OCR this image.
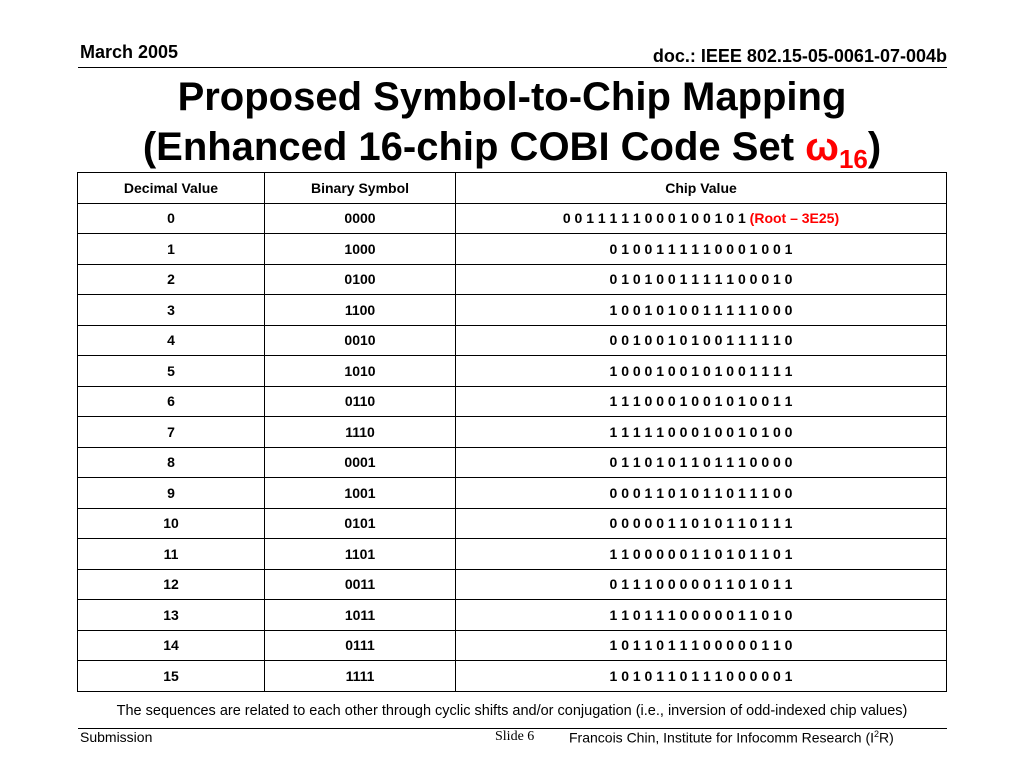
March 2005	doc.: IEEE 802.15-05-0061-07-004b
Proposed Symbol-to-Chip Mapping
(Enhanced 16-chip COBI Code Set $\omega_{16}$)
Decimal Value	Binary Symbol	Chip Value
0	0000	0 0 1 1 1 1 1 0 0 0 1 0 0 1 0 1 (Root – 3E25)
1	1000	0 1 0 0 1 1 1 1 1 0 0 0 1 0 0 1
2	0100	0 1 0 1 0 0 1 1 1 1 1 0 0 0 1 0
3	1100	1 0 0 1 0 1 0 0 1 1 1 1 1 0 0 0
4	0010	0 0 1 0 0 1 0 1 0 0 1 1 1 1 1 0
5	1010	1 0 0 0 1 0 0 1 0 1 0 0 1 1 1 1
6	0110	1 1 1 0 0 0 1 0 0 1 0 1 0 0 1 1
7	1110	1 1 1 1 1 0 0 0 1 0 0 1 0 1 0 0
8	0001	0 1 1 0 1 0 1 1 0 1 1 1 0 0 0 0
9	1001	0 0 0 1 1 0 1 0 1 1 0 1 1 1 0 0
10	0101	0 0 0 0 0 1 1 0 1 0 1 1 0 1 1 1
11	1101	1 1 0 0 0 0 0 1 1 0 1 0 1 1 0 1
12	0011	0 1 1 1 0 0 0 0 0 1 1 0 1 0 1 1
13	1011	1 1 0 1 1 1 0 0 0 0 0 1 1 0 1 0
14	0111	1 0 1 1 0 1 1 1 0 0 0 0 0 1 1 0
15	1111	1 0 1 0 1 1 0 1 1 1 0 0 0 0 0 1
The sequences are related to each other through cyclic shifts and/or conjugation (i.e., inversion of odd-indexed chip values)
Submission	Slide 6 Francois Chin, Institute for Infocomm Research $(I^2R)$
